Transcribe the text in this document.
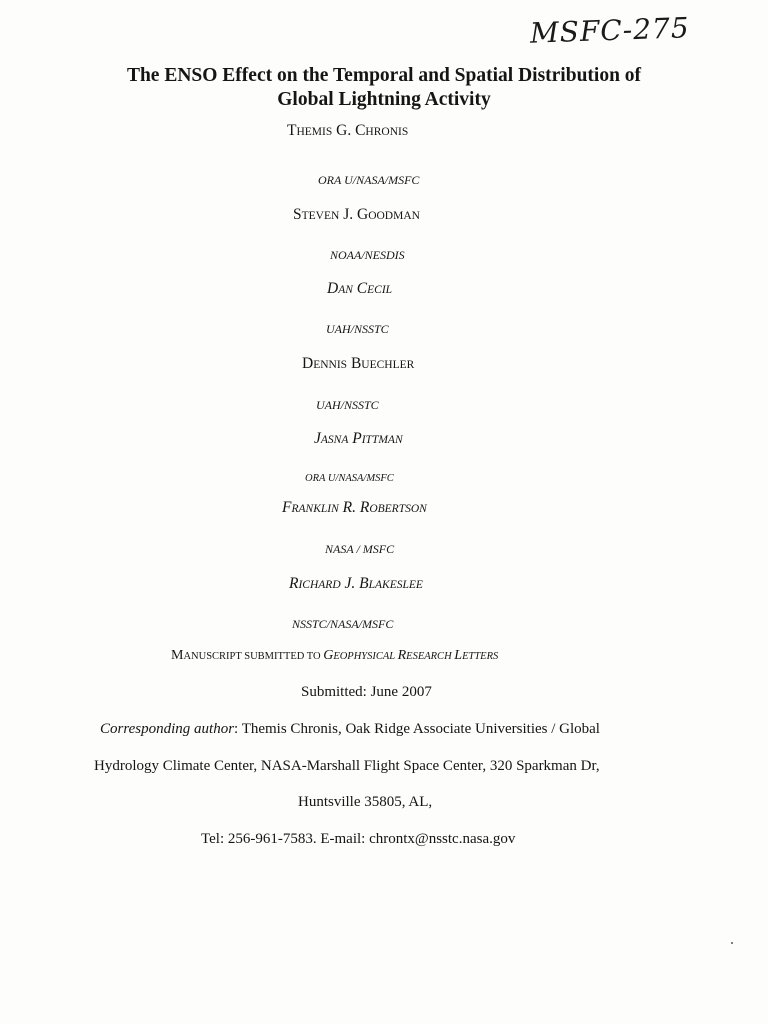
MSFC-275
The ENSO Effect on the Temporal and Spatial Distribution of
Global Lightning Activity
THEMIS G. CHRONIS
ORA U/NASA/MSFC
STEVEN J. GOODMAN
NOAA/NESDIS
DAN CECIL
UAH/NSSTC
DENNIS BUECHLER
UAH/NSSTC
JASNA PITTMAN
ORA U/NASA/MSFC
FRANKLIN R. ROBERTSON
NASA / MSFC
RICHARD J. BLAKESLEE
NSSTC/NASA/MSFC
MANUSCRIPT SUBMITTED TO GEOPHYSICAL RESEARCH LETTERS
Submitted: June 2007
Corresponding author: Themis Chronis, Oak Ridge Associate Universities / Global
Hydrology Climate Center, NASA-Marshall Flight Space Center, 320 Sparkman Dr,
Huntsville 35805, AL,
Tel: 256-961-7583. E-mail: chrontx@nsstc.nasa.gov
